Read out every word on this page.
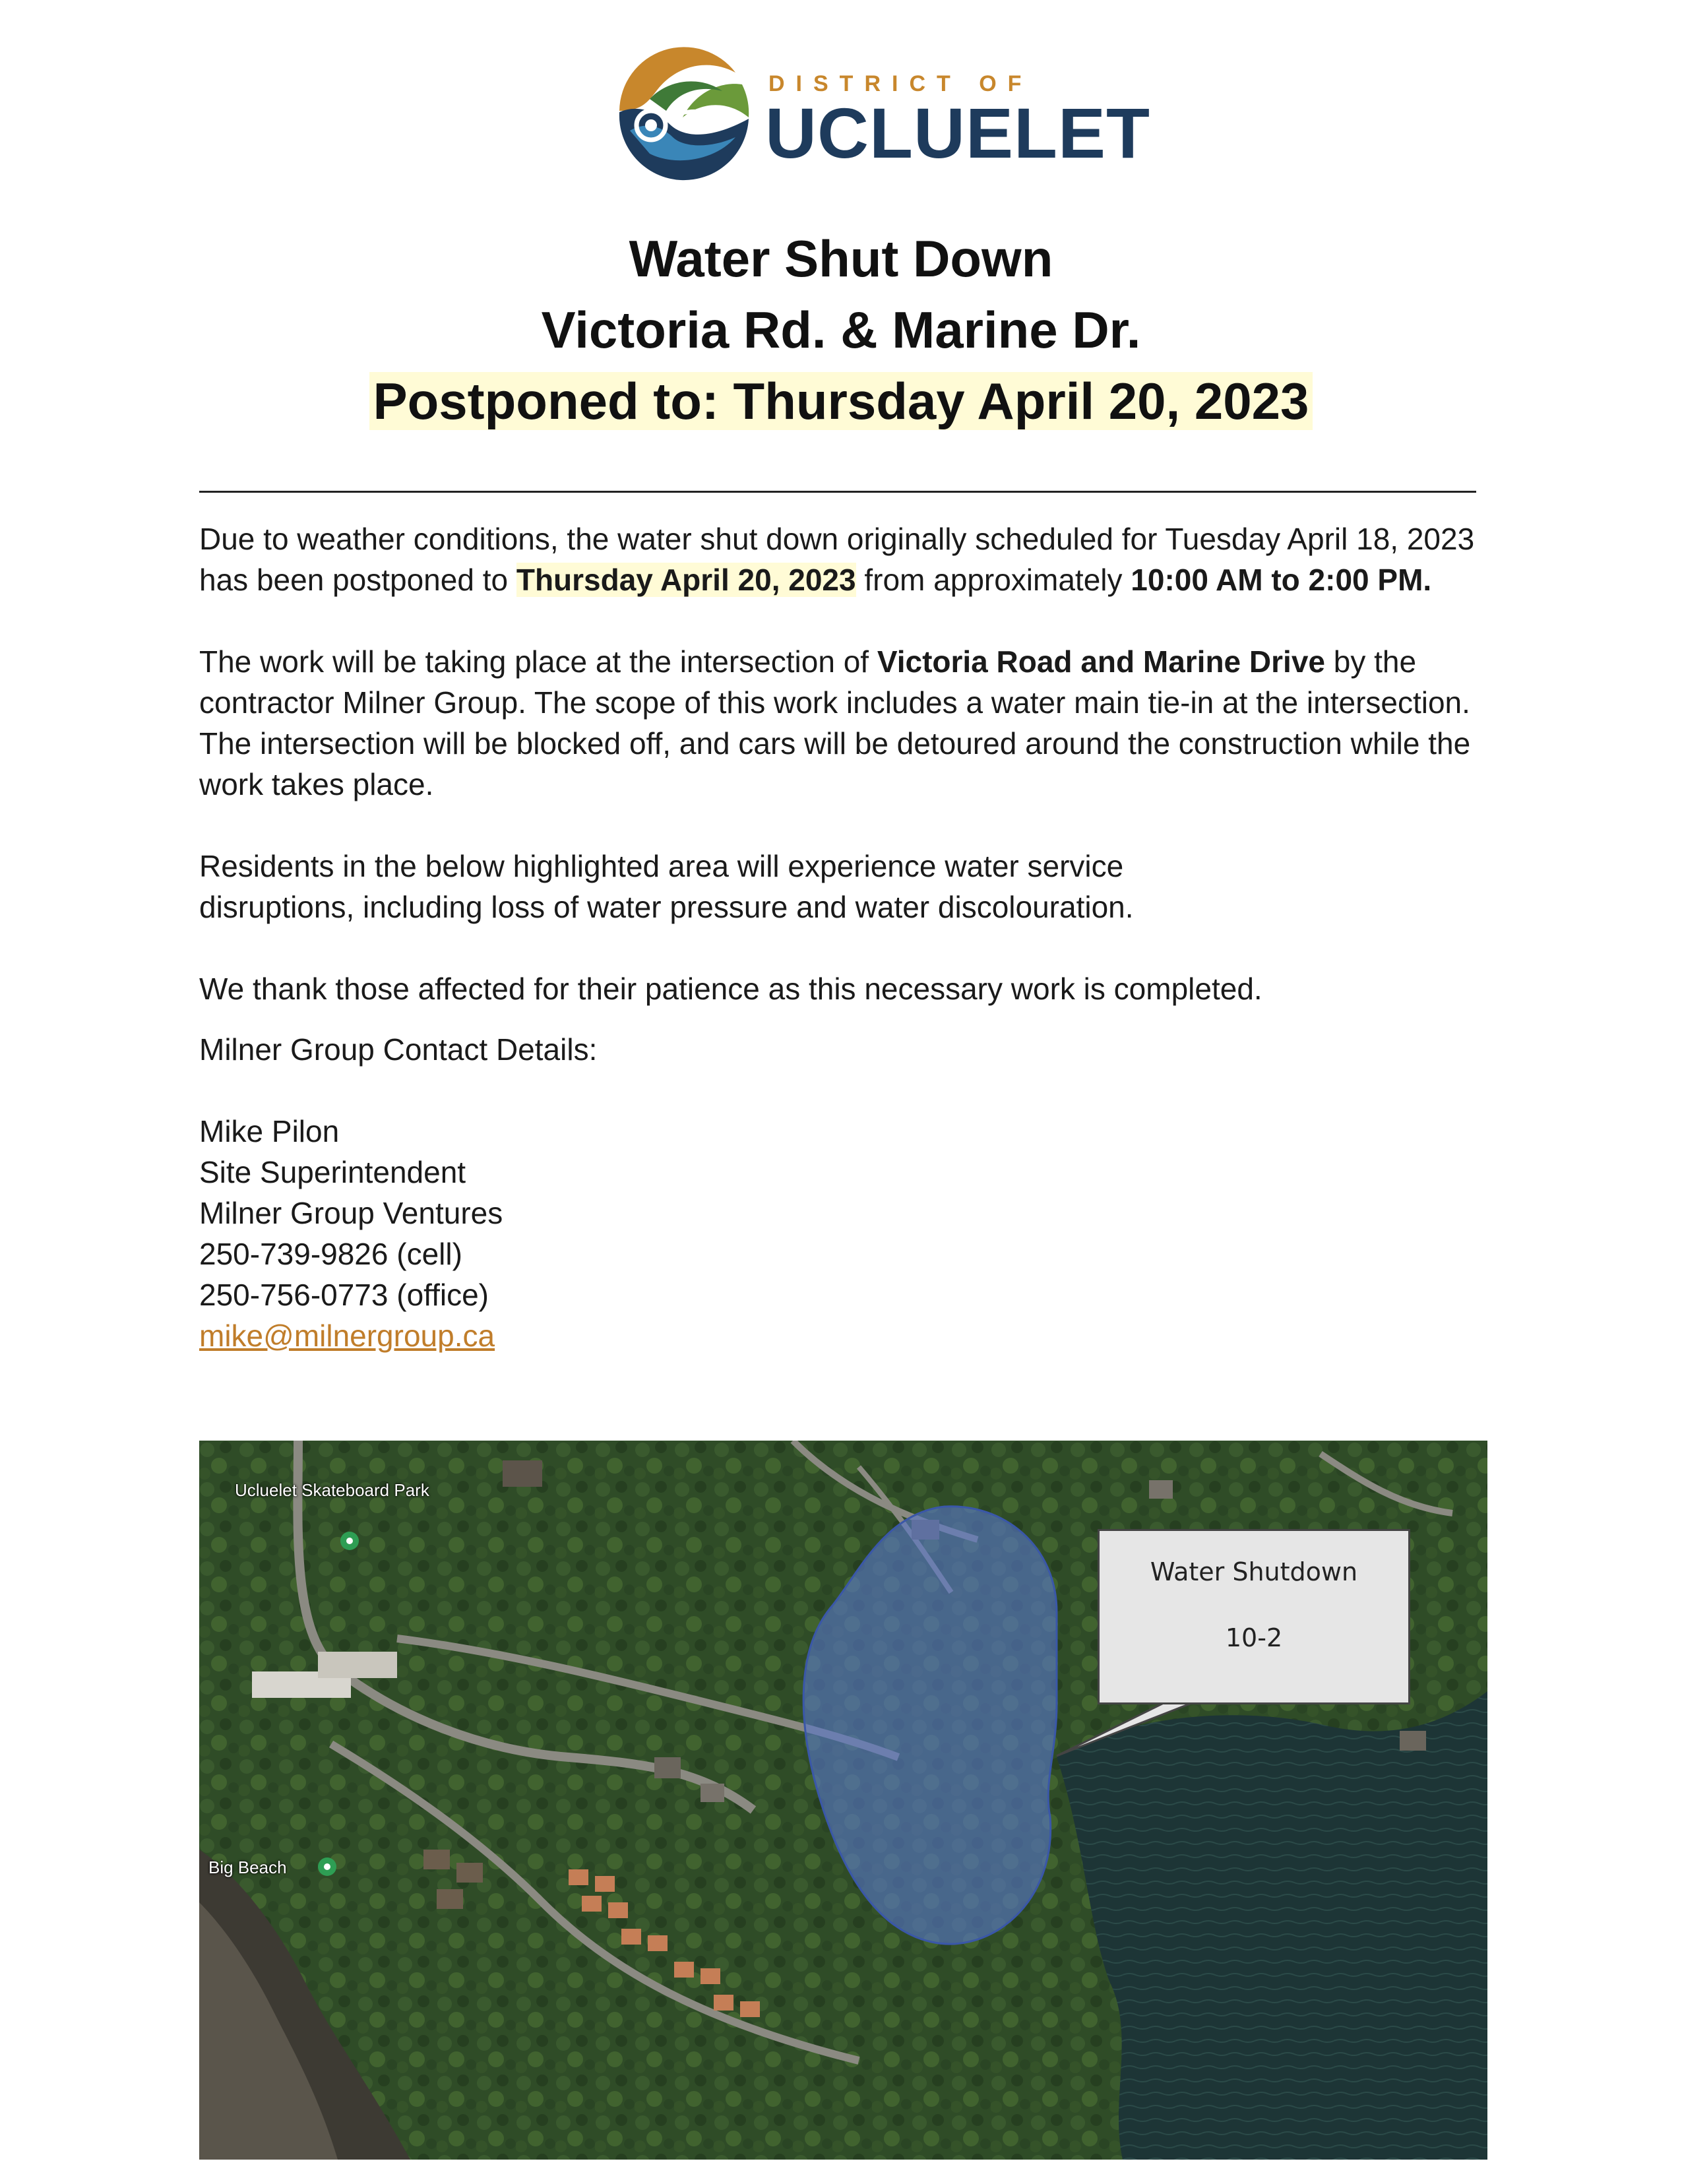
DISTRICT OF
UCLUELET
Water Shut Down
Victoria Rd. & Marine Dr.
Postponed to: Thursday April 20, 2023

Due to weather conditions, the water shut down originally scheduled for Tuesday April 18, 2023 has been postponed to Thursday April 20, 2023 from approximately 10:00 AM to 2:00 PM.

The work will be taking place at the intersection of Victoria Road and Marine Drive by the contractor Milner Group. The scope of this work includes a water main tie-in at the intersection. The intersection will be blocked off, and cars will be detoured around the construction while the work takes place.

Residents in the below highlighted area will experience water service disruptions, including loss of water pressure and water discolouration.

We thank those affected for their patience as this necessary work is completed.

Milner Group Contact Details:

Mike Pilon
Site Superintendent
Milner Group Ventures
250-739-9826 (cell)
250-756-0773 (office)
mike@milnergroup.ca
Ucluelet Skateboard Park
Big Beach
Water Shutdown
10-2
